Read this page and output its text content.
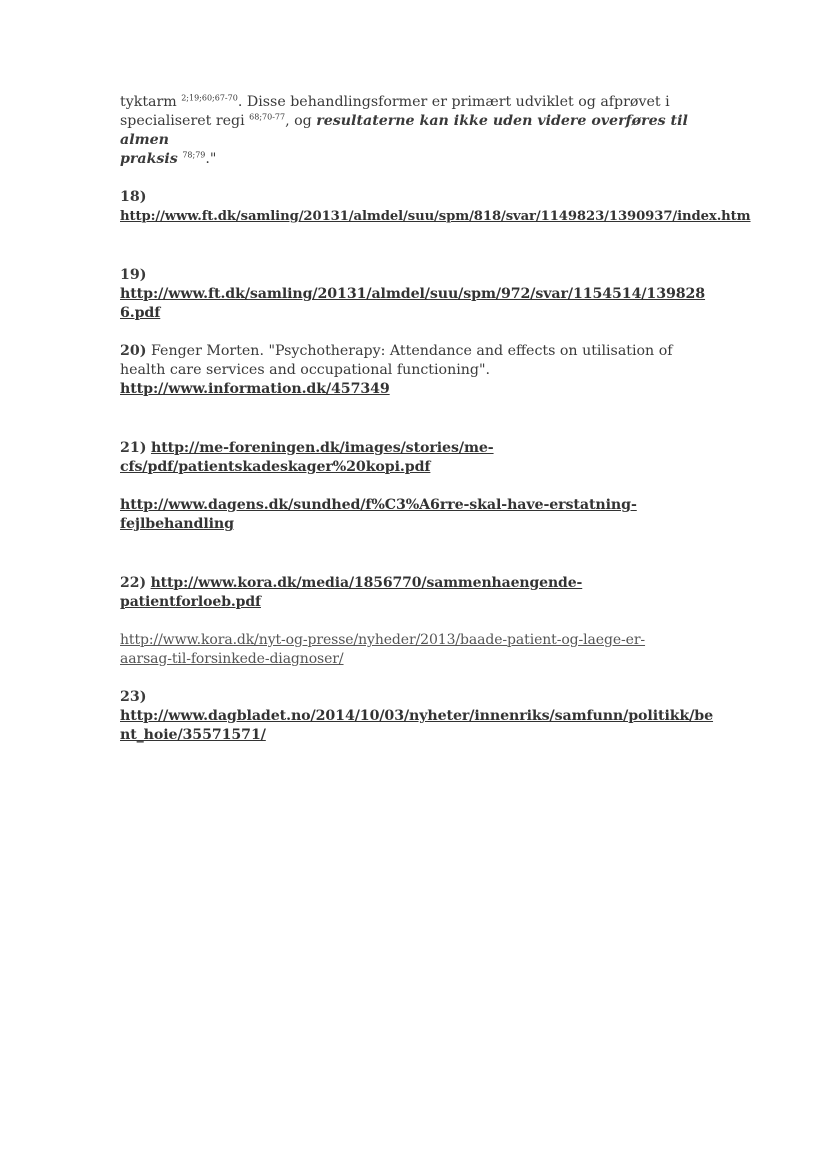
tyktarm $^{2;19;60;67-70}$. Disse behandlingsformer er primært udviklet og afprøvet i
specialiseret regi $^{68;70-77}$, og resultaterne kan ikke uden videre overføres til almen
praksis $^{78;79}$."

18)

http://www.ft.dk/samling/20131/almdel/suu/spm/818/svar/1149823/1390937/index.htm

19)

http://www.ft.dk/samling/20131/almdel/suu/spm/972/svar/1154514/139828
6.pdf

20) Fenger Morten. "Psychotherapy: Attendance and effects on utilisation of
health care services and occupational functioning".
http://www.information.dk/457349

21) http://me-foreningen.dk/images/stories/me-
cfs/pdf/patientskadeskager%20kopi.pdf

http://www.dagens.dk/sundhed/f%C3%A6rre-skal-have-erstatning-
fejlbehandling

22) http://www.kora.dk/media/1856770/sammenhaengende-patientforloeb.pdf

http://www.kora.dk/nyt-og-presse/nyheder/2013/baade-patient-og-laege-er-
aarsag-til-forsinkede-diagnoser/

23)

http://www.dagbladet.no/2014/10/03/nyheter/innenriks/samfunn/politikk/be
nt_hoie/35571571/
